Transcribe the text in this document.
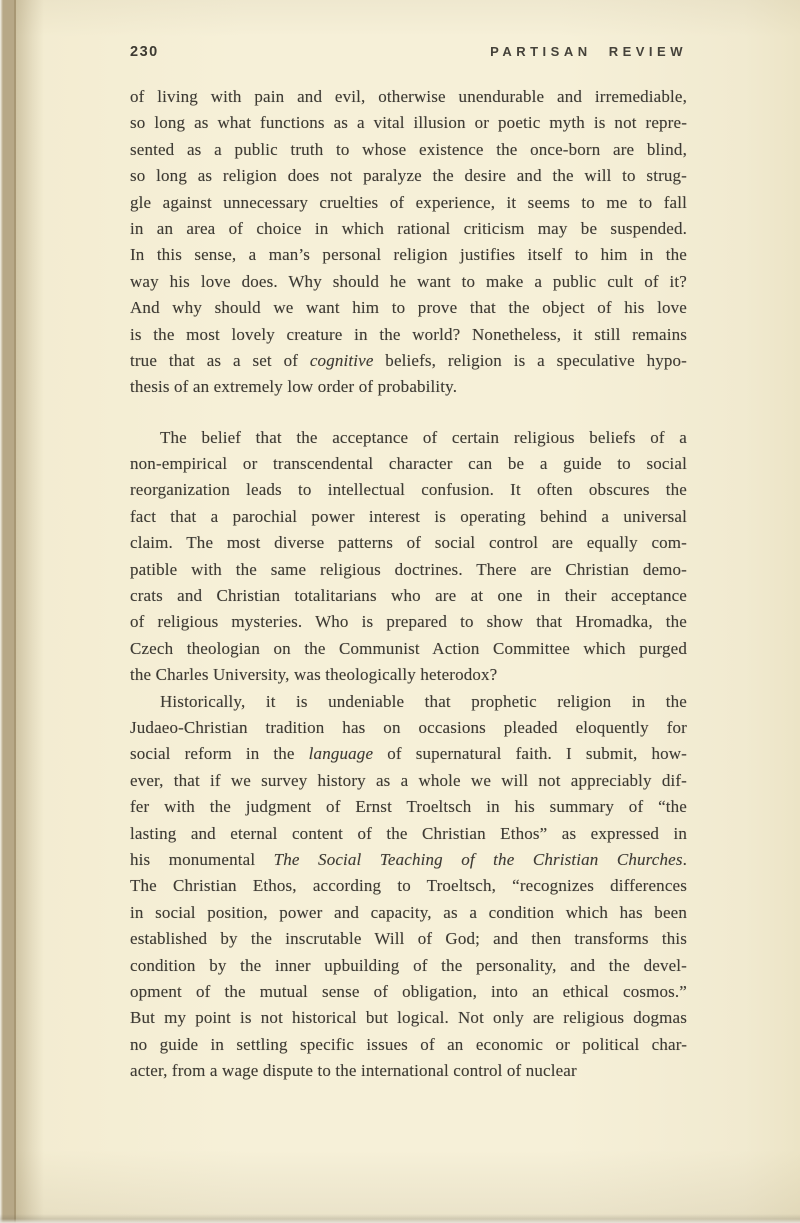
230	PARTISAN REVIEW
of living with pain and evil, otherwise unendurable and irremediable,
so long as what functions as a vital illusion or poetic myth is not repre-
sented as a public truth to whose existence the once-born are blind,
so long as religion does not paralyze the desire and the will to strug-
gle against unnecessary cruelties of experience, it seems to me to fall
in an area of choice in which rational criticism may be suspended.
In this sense, a man’s personal religion justifies itself to him in the
way his love does. Why should he want to make a public cult of it?
And why should we want him to prove that the object of his love
is the most lovely creature in the world? Nonetheless, it still remains
true that as a set of cognitive beliefs, religion is a speculative hypo-
thesis of an extremely low order of probability.
The belief that the acceptance of certain religious beliefs of a
non-empirical or transcendental character can be a guide to social
reorganization leads to intellectual confusion. It often obscures the
fact that a parochial power interest is operating behind a universal
claim. The most diverse patterns of social control are equally com-
patible with the same religious doctrines. There are Christian demo-
crats and Christian totalitarians who are at one in their acceptance
of religious mysteries. Who is prepared to show that Hromadka, the
Czech theologian on the Communist Action Committee which purged
the Charles University, was theologically heterodox?
Historically, it is undeniable that prophetic religion in the
Judaeo-Christian tradition has on occasions pleaded eloquently for
social reform in the language of supernatural faith. I submit, how-
ever, that if we survey history as a whole we will not appreciably dif-
fer with the judgment of Ernst Troeltsch in his summary of “the
lasting and eternal content of the Christian Ethos” as expressed in
his monumental The Social Teaching of the Christian Churches.
The Christian Ethos, according to Troeltsch, “recognizes differences
in social position, power and capacity, as a condition which has been
established by the inscrutable Will of God; and then transforms this
condition by the inner upbuilding of the personality, and the devel-
opment of the mutual sense of obligation, into an ethical cosmos.”
But my point is not historical but logical. Not only are religious dogmas
no guide in settling specific issues of an economic or political char-
acter, from a wage dispute to the international control of nuclear
